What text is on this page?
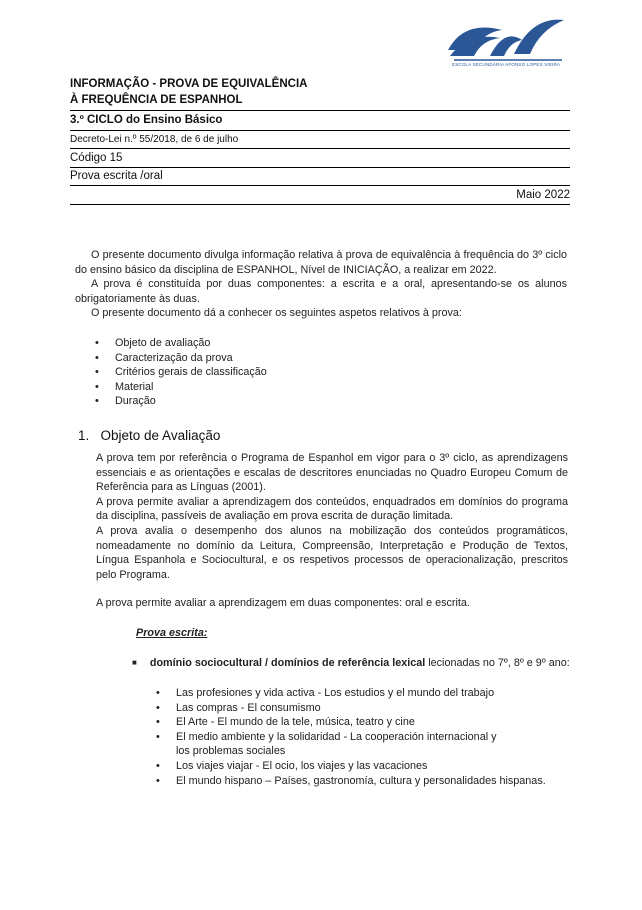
ESCOLA SECUNDÁRIA AFONSO LOPES VIEIRA
INFORMAÇÃO - PROVA DE EQUIVALÊNCIA
À FREQUÊNCIA DE ESPANHOL
3.º CICLO do Ensino Básico
Decreto-Lei n.º 55/2018, de 6 de julho
Código 15
Prova escrita /oral
Maio 2022

O presente documento divulga informação relativa à prova de equivalência à frequência do 3º ciclo do ensino básico da disciplina de ESPANHOL, Nível de INICIAÇÃO, a realizar em 2022.

A prova é constituída por duas componentes: a escrita e a oral, apresentando-se os alunos obrigatoriamente às duas.

O presente documento dá a conhecer os seguintes aspetos relativos à prova:

• Objeto de avaliação
• Caracterização da prova
• Critérios gerais de classificação
• Material
• Duração
1.   Objeto de Avaliação

A prova tem por referência o Programa de Espanhol em vigor para o 3º ciclo, as aprendizagens essenciais e as orientações e escalas de descritores enunciadas no Quadro Europeu Comum de Referência para as Línguas (2001).

A prova permite avaliar a aprendizagem dos conteúdos, enquadrados em domínios do programa da disciplina, passíveis de avaliação em prova escrita de duração limitada.

A prova avalia o desempenho dos alunos na mobilização dos conteúdos programáticos, nomeadamente no domínio da Leitura, Compreensão, Interpretação e Produção de Textos, Língua Espanhola e Sociocultural, e os respetivos processos de operacionalização, prescritos pelo Programa.

A prova permite avaliar a aprendizagem em duas componentes: oral e escrita.

Prova escrita:
■ domínio sociocultural / domínios de referência lexical lecionadas no 7º, 8º e 9º ano:
• Las profesiones y vida activa - Los estudios y el mundo del trabajo
• Las compras - El consumismo
• El Arte - El mundo de la tele, música, teatro y cine
• El medio ambiente y la solidaridad - La cooperación internacional y los problemas sociales
• Los viajes viajar - El ocio, los viajes y las vacaciones
• El mundo hispano – Países, gastronomía, cultura y personalidades hispanas.
